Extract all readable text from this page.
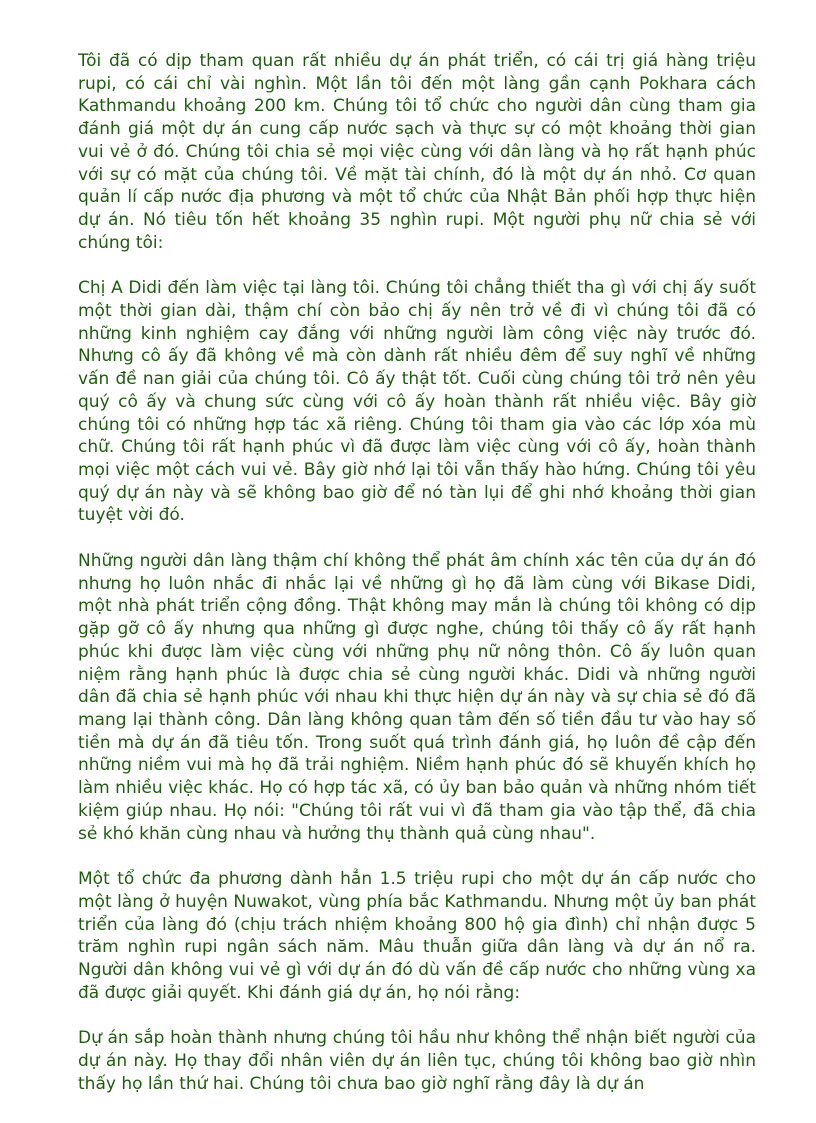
Tôi đã có dịp tham quan rất nhiều dự án phát triển, có cái trị giá hàng triệu rupi, có cái chỉ vài nghìn. Một lần tôi đến một làng gần cạnh Pokhara cách Kathmandu khoảng 200 km. Chúng tôi tổ chức cho người dân cùng tham gia đánh giá một dự án cung cấp nước sạch và thực sự có một khoảng thời gian vui vẻ ở đó. Chúng tôi chia sẻ mọi việc cùng với dân làng và họ rất hạnh phúc với sự có mặt của chúng tôi. Về mặt tài chính, đó là một dự án nhỏ. Cơ quan quản lí cấp nước địa phương và một tổ chức của Nhật Bản phối hợp thực hiện dự án. Nó tiêu tốn hết khoảng 35 nghìn rupi. Một người phụ nữ chia sẻ với chúng tôi:

Chị A Didi đến làm việc tại làng tôi. Chúng tôi chẳng thiết tha gì với chị ấy suốt một thời gian dài, thậm chí còn bảo chị ấy nên trở về đi vì chúng tôi đã có những kinh nghiệm cay đắng với những người làm công việc này trước đó. Nhưng cô ấy đã không về mà còn dành rất nhiều đêm để suy nghĩ về những vấn đề nan giải của chúng tôi. Cô ấy thật tốt. Cuối cùng chúng tôi trở nên yêu quý cô ấy và chung sức cùng với cô ấy hoàn thành rất nhiều việc. Bây giờ chúng tôi có những hợp tác xã riêng. Chúng tôi tham gia vào các lớp xóa mù chữ. Chúng tôi rất hạnh phúc vì đã được làm việc cùng với cô ấy, hoàn thành mọi việc một cách vui vẻ. Bây giờ nhớ lại tôi vẫn thấy hào hứng. Chúng tôi yêu quý dự án này và sẽ không bao giờ để nó tàn lụi để ghi nhớ khoảng thời gian tuyệt vời đó.

Những người dân làng thậm chí không thể phát âm chính xác tên của dự án đó nhưng họ luôn nhắc đi nhắc lại về những gì họ đã làm cùng với Bikase Didi, một nhà phát triển cộng đồng. Thật không may mắn là chúng tôi không có dịp gặp gỡ cô ấy nhưng qua những gì được nghe, chúng tôi thấy cô ấy rất hạnh phúc khi được làm việc cùng với những phụ nữ nông thôn. Cô ấy luôn quan niệm rằng hạnh phúc là được chia sẻ cùng người khác. Didi và những người dân đã chia sẻ hạnh phúc với nhau khi thực hiện dự án này và sự chia sẻ đó đã mang lại thành công. Dân làng không quan tâm đến số tiền đầu tư vào hay số tiền mà dự án đã tiêu tốn. Trong suốt quá trình đánh giá, họ luôn đề cập đến những niềm vui mà họ đã trải nghiệm. Niềm hạnh phúc đó sẽ khuyến khích họ làm nhiều việc khác. Họ có hợp tác xã, có ủy ban bảo quản và những nhóm tiết kiệm giúp nhau. Họ nói: "Chúng tôi rất vui vì đã tham gia vào tập thể, đã chia sẻ khó khăn cùng nhau và hưởng thụ thành quả cùng nhau".

Một tổ chức đa phương dành hẳn 1.5 triệu rupi cho một dự án cấp nước cho một làng ở huyện Nuwakot, vùng phía bắc Kathmandu. Nhưng một ủy ban phát triển của làng đó (chịu trách nhiệm khoảng 800 hộ gia đình) chỉ nhận được 5 trăm nghìn rupi ngân sách năm. Mâu thuẫn giữa dân làng và dự án nổ ra. Người dân không vui vẻ gì với dự án đó dù vấn đề cấp nước cho những vùng xa đã được giải quyết. Khi đánh giá dự án, họ nói rằng:

Dự án sắp hoàn thành nhưng chúng tôi hầu như không thể nhận biết người của dự án này. Họ thay đổi nhân viên dự án liên tục, chúng tôi không bao giờ nhìn thấy họ lần thứ hai. Chúng tôi chưa bao giờ nghĩ rằng đây là dự án
